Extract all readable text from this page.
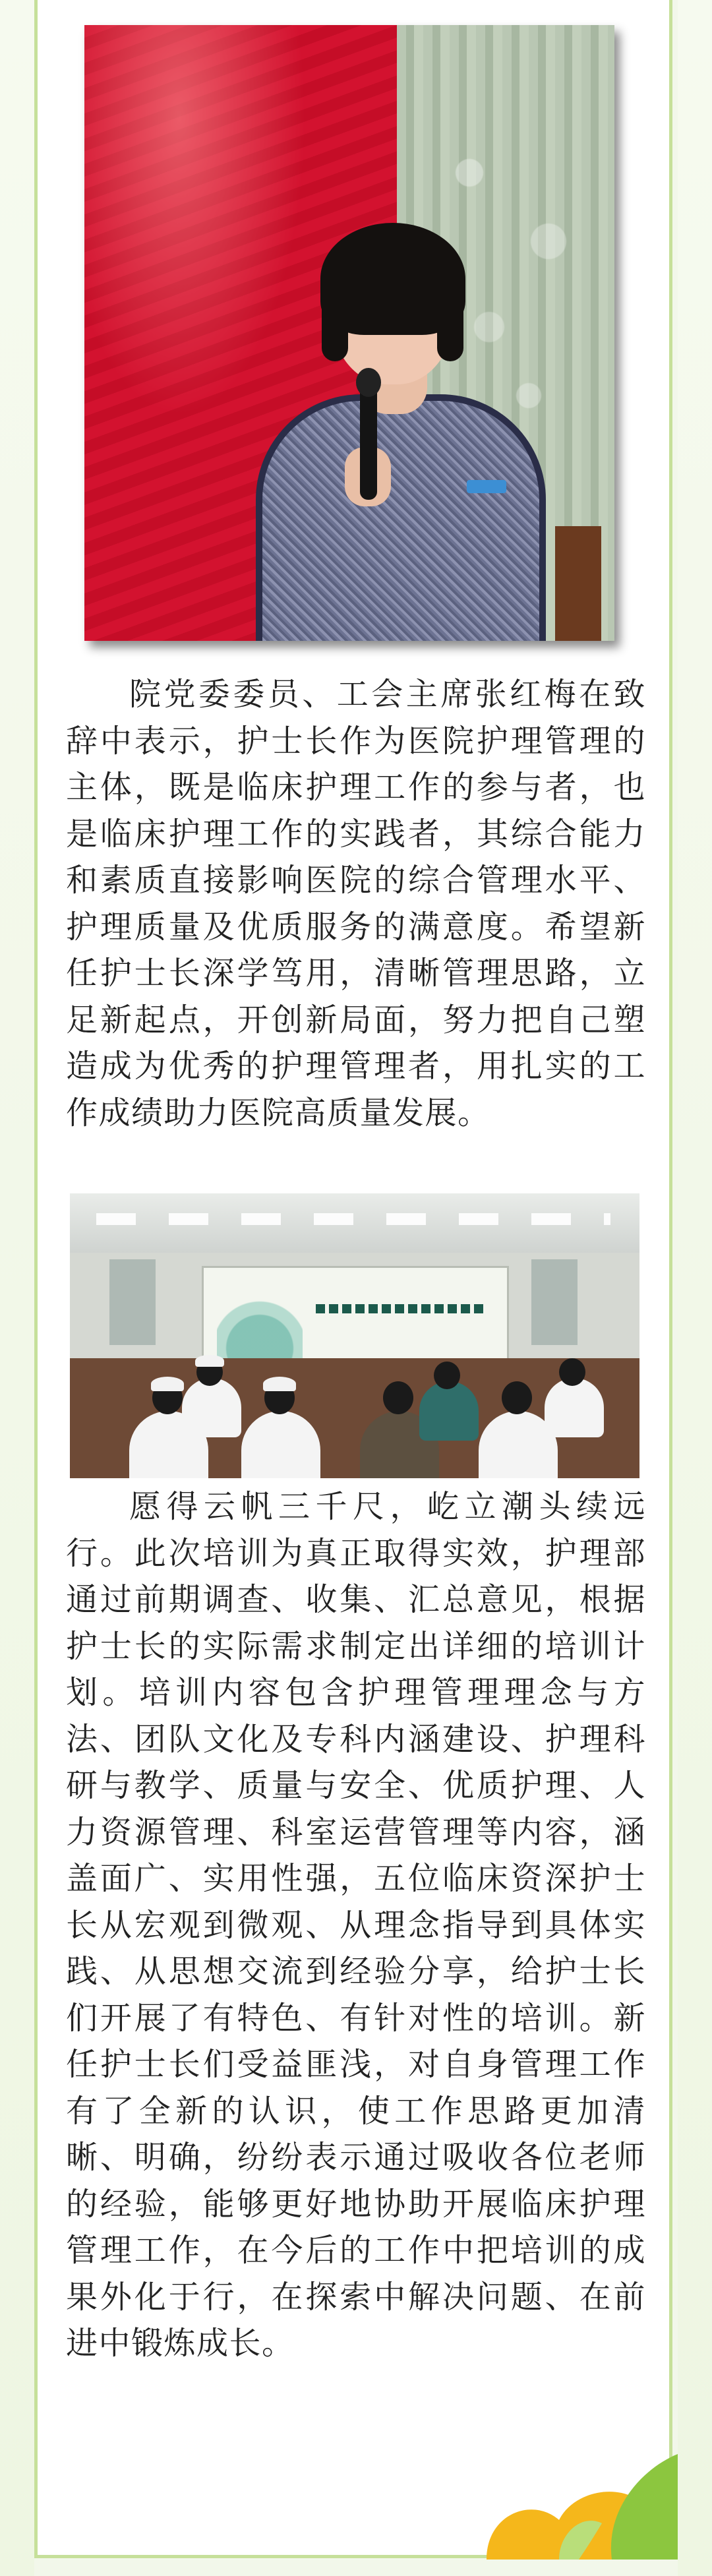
院党委委员、工会主席张红梅在致辞中表示，护士长作为医院护理管理的主体，既是临床护理工作的参与者，也是临床护理工作的实践者，其综合能力和素质直接影响医院的综合管理水平、护理质量及优质服务的满意度。希望新任护士长深学笃用，清晰管理思路，立足新起点，开创新局面，努力把自己塑造成为优秀的护理管理者，用扎实的工作成绩助力医院高质量发展。

愿得云帆三千尺，屹立潮头续远行。此次培训为真正取得实效，护理部通过前期调查、收集、汇总意见，根据护士长的实际需求制定出详细的培训计划。培训内容包含护理管理理念与方法、团队文化及专科内涵建设、护理科研与教学、质量与安全、优质护理、人力资源管理、科室运营管理等内容，涵盖面广、实用性强，五位临床资深护士长从宏观到微观、从理念指导到具体实践、从思想交流到经验分享，给护士长们开展了有特色、有针对性的培训。新任护士长们受益匪浅，对自身管理工作有了全新的认识，使工作思路更加清晰、明确，纷纷表示通过吸收各位老师的经验，能够更好地协助开展临床护理管理工作，在今后的工作中把培训的成果外化于行，在探索中解决问题、在前进中锻炼成长。
